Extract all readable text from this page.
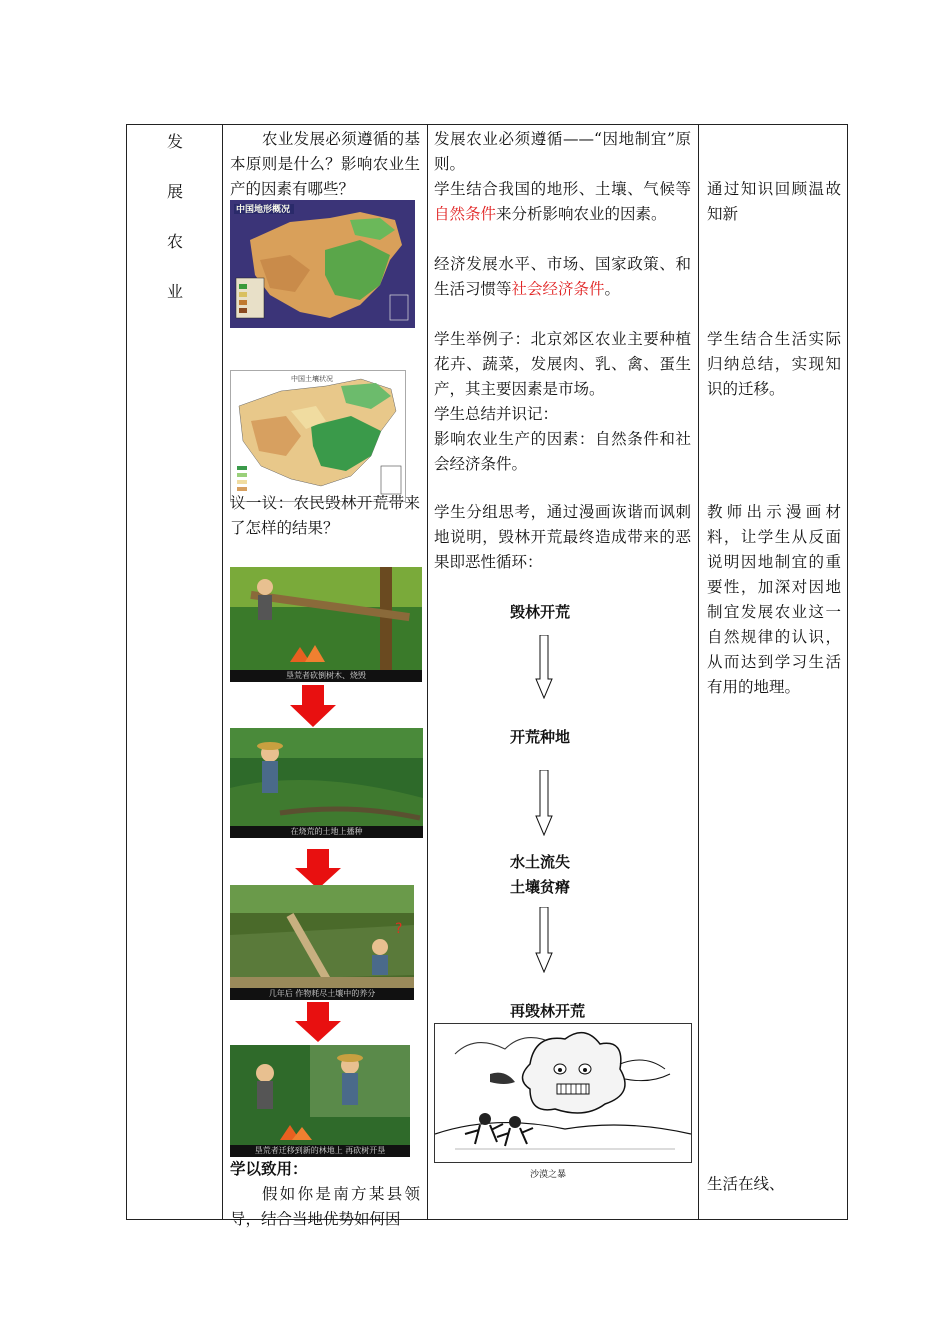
发
展
农
业
农业发展必须遵循的基本原则是什么？影响农业生产的因素有哪些？
中国地形概况
中国土壤状况
议一议：农民毁林开荒带来了怎样的结果？
垦荒者砍倒树木、烧毁
在烧荒的土地上播种
?
几年后 作物耗尽土壤中的养分
垦荒者迁移到新的林地上 再砍树开垦
学以致用：
假如你是南方某县领导，结合当地优势如何因
发展农业必须遵循——“因地制宜”原则。
学生结合我国的地形、土壤、气候等自然条件来分析影响农业的因素。
经济发展水平、市场、国家政策、和生活习惯等社会经济条件。
学生举例子：北京郊区农业主要种植花卉、蔬菜，发展肉、乳、禽、蛋生产，其主要因素是市场。
学生总结并识记：
影响农业生产的因素：自然条件和社会经济条件。
学生分组思考，通过漫画诙谐而讽刺地说明，毁林开荒最终造成带来的恶果即恶性循环：
毁林开荒
开荒种地
水土流失
土壤贫瘠
再毁林开荒
沙漠之暴
通过知识回顾温故知新
学生结合生活实际归纳总结，实现知识的迁移。
教师出示漫画材料，让学生从反面说明因地制宜的重要性，加深对因地制宜发展农业这一自然规律的认识，从而达到学习生活有用的地理。
生活在线、
